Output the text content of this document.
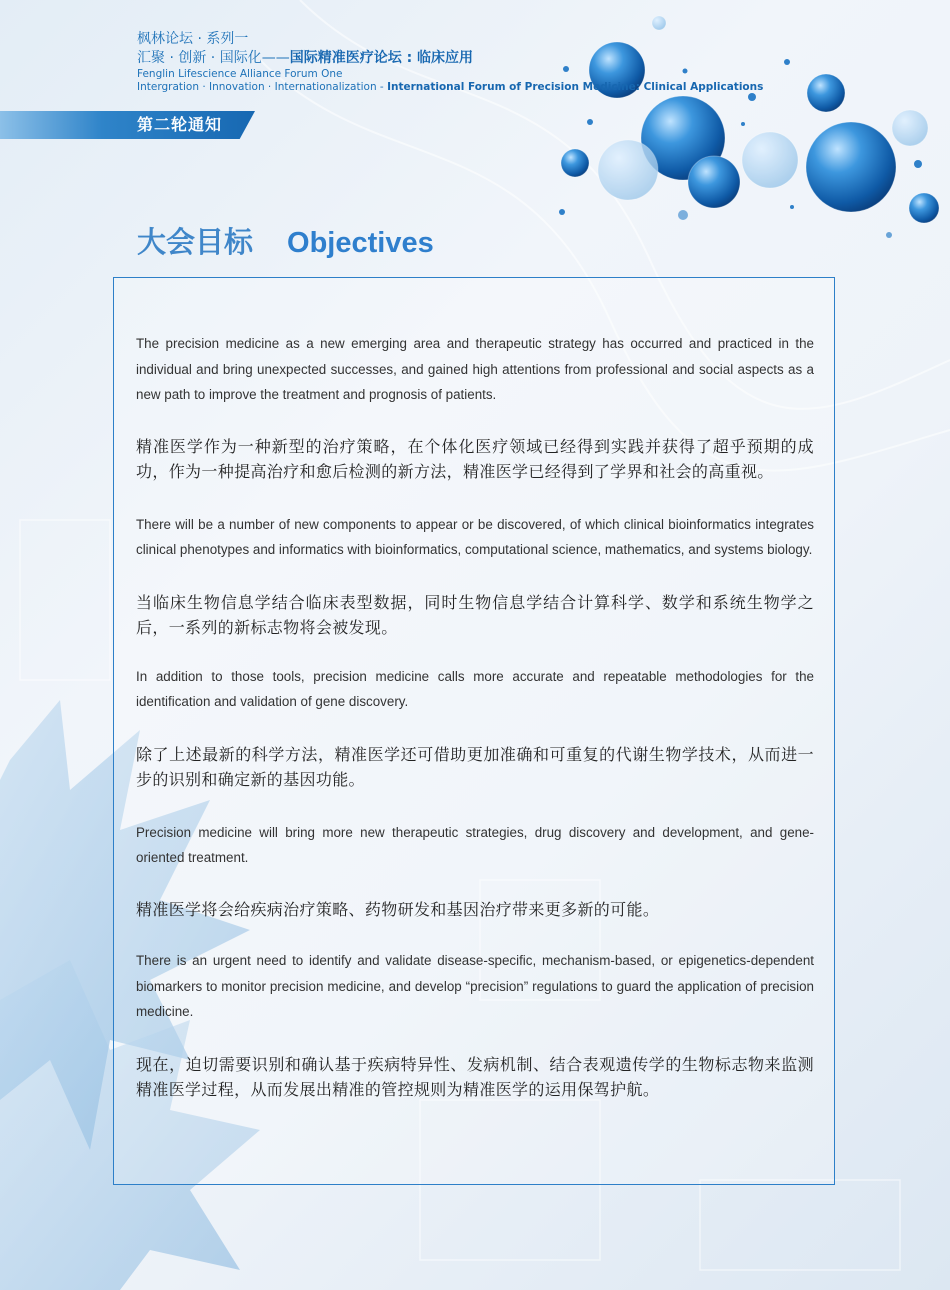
枫林论坛 · 系列一
汇聚 · 创新 · 国际化——国际精准医疗论坛 : 临床应用
Fenglin Lifescience Alliance Forum One
Intergration · Innovation · Internationalization - International Forum of Precision Medicine: Clinical Applications
第二轮通知
大会目标 Objectives

The precision medicine as a new emerging area and therapeutic strategy has occurred and practiced in the individual and bring unexpected successes, and gained high attentions from professional and social aspects as a new path to improve the treatment and prognosis of patients.

精准医学作为一种新型的治疗策略，在个体化医疗领域已经得到实践并获得了超乎预期的成功，作为一种提高治疗和愈后检测的新方法，精准医学已经得到了学界和社会的高重视。

There will be a number of new components to appear or be discovered, of which clinical bioinformatics integrates clinical phenotypes and informatics with bioinformatics, computational science, mathematics, and systems biology.

当临床生物信息学结合临床表型数据，同时生物信息学结合计算科学、数学和系统生物学之后，一系列的新标志物将会被发现。

In addition to those tools, precision medicine calls more accurate and repeatable methodologies for the identification and validation of gene discovery.

除了上述最新的科学方法，精准医学还可借助更加准确和可重复的代谢生物学技术，从而进一步的识别和确定新的基因功能。

Precision medicine will bring more new therapeutic strategies, drug discovery and development, and gene-oriented treatment.

精准医学将会给疾病治疗策略、药物研发和基因治疗带来更多新的可能。

There is an urgent need to identify and validate disease-specific, mechanism-based, or epigenetics-dependent biomarkers to monitor precision medicine, and develop “precision” regulations to guard the application of precision medicine.

现在，迫切需要识别和确认基于疾病特异性、发病机制、结合表观遗传学的生物标志物来监测精准医学过程，从而发展出精准的管控规则为精准医学的运用保驾护航。
